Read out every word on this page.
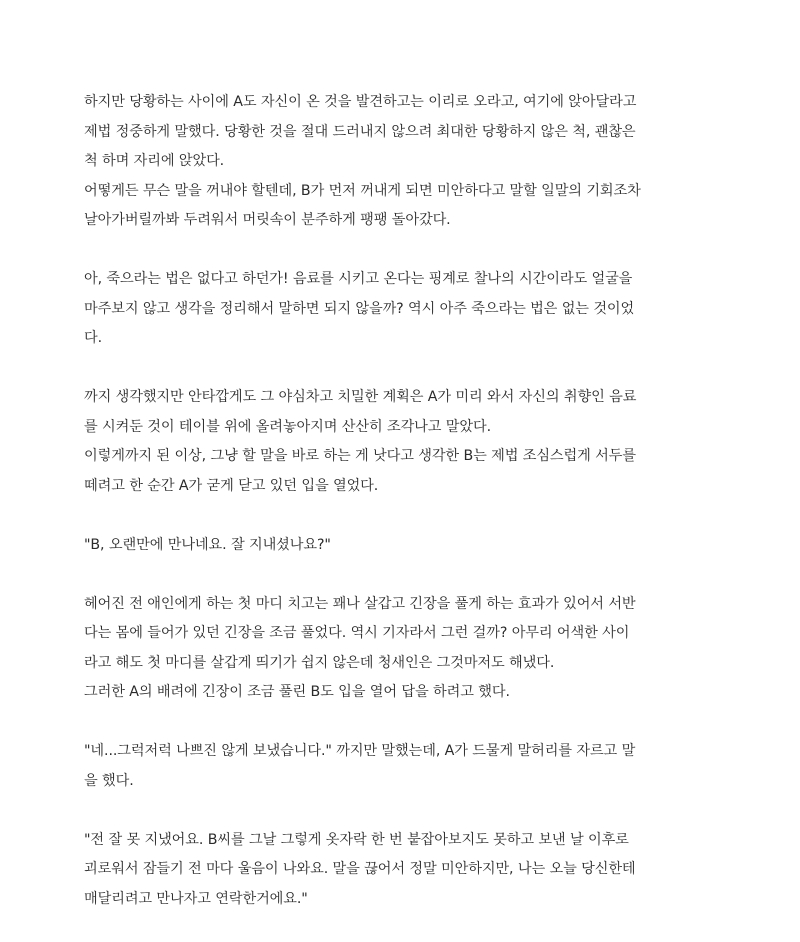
하지만 당황하는 사이에 A도 자신이 온 것을 발견하고는 이리로 오라고, 여기에 앉아달라고
제법 정중하게 말했다. 당황한 것을 절대 드러내지 않으려 최대한 당황하지 않은 척, 괜찮은
척 하며 자리에 앉았다.
어떻게든 무슨 말을 꺼내야 할텐데, B가 먼저 꺼내게 되면 미안하다고 말할 일말의 기회조차
날아가버릴까봐 두려워서 머릿속이 분주하게 팽팽 돌아갔다.
아, 죽으라는 법은 없다고 하던가! 음료를 시키고 온다는 핑계로 찰나의 시간이라도 얼굴을
마주보지 않고 생각을 정리해서 말하면 되지 않을까? 역시 아주 죽으라는 법은 없는 것이었
다.
까지 생각했지만 안타깝게도 그 야심차고 치밀한 계획은 A가 미리 와서 자신의 취향인 음료
를 시켜둔 것이 테이블 위에 올려놓아지며 산산히 조각나고 말았다.
이렇게까지 된 이상, 그냥 할 말을 바로 하는 게 낫다고 생각한 B는 제법 조심스럽게 서두를
떼려고 한 순간 A가 굳게 닫고 있던 입을 열었다.
"B, 오랜만에 만나네요. 잘 지내셨나요?"
헤어진 전 애인에게 하는 첫 마디 치고는 꽤나 살갑고 긴장을 풀게 하는 효과가 있어서 서반
다는 몸에 들어가 있던 긴장을 조금 풀었다. 역시 기자라서 그런 걸까? 아무리 어색한 사이
라고 해도 첫 마디를 살갑게 띄기가 쉽지 않은데 청새인은 그것마저도 해냈다.
그러한 A의 배려에 긴장이 조금 풀린 B도 입을 열어 답을 하려고 했다.
"네...그럭저럭 나쁘진 않게 보냈습니다." 까지만 말했는데, A가 드물게 말허리를 자르고 말
을 했다.
"전 잘 못 지냈어요. B씨를 그날 그렇게 옷자락 한 번 붙잡아보지도 못하고 보낸 날 이후로
괴로워서 잠들기 전 마다 울음이 나와요. 말을 끊어서 정말 미안하지만, 나는 오늘 당신한테
매달리려고 만나자고 연락한거에요."
